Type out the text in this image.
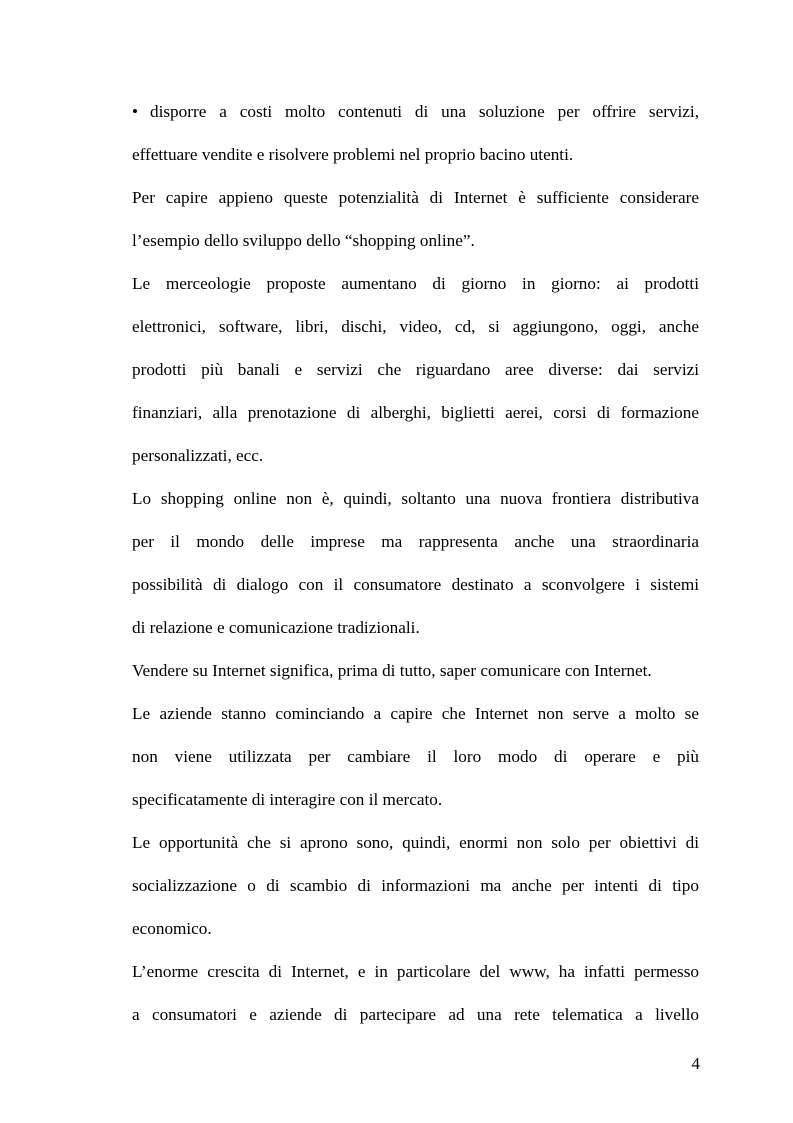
• disporre a costi molto contenuti di una soluzione per offrire servizi,
effettuare vendite e risolvere problemi nel proprio bacino utenti.
Per capire appieno queste potenzialità di Internet è sufficiente considerare
l’esempio dello sviluppo dello “shopping online”.
Le merceologie proposte aumentano di giorno in giorno: ai prodotti
elettronici, software, libri, dischi, video, cd, si aggiungono, oggi, anche
prodotti più banali e servizi che riguardano aree diverse: dai servizi
finanziari, alla prenotazione di alberghi, biglietti aerei, corsi di formazione
personalizzati, ecc.
Lo shopping online non è, quindi, soltanto una nuova frontiera distributiva
per il mondo delle imprese ma rappresenta anche una straordinaria
possibilità di dialogo con il consumatore destinato a sconvolgere i sistemi
di relazione e comunicazione tradizionali.
Vendere su Internet significa, prima di tutto, saper comunicare con Internet.
Le aziende stanno cominciando a capire che Internet non serve a molto se
non viene utilizzata per cambiare il loro modo di operare e più
specificatamente di interagire con il mercato.
Le opportunità che si aprono sono, quindi, enormi non solo per obiettivi di
socializzazione o di scambio di informazioni ma anche per intenti di tipo
economico.
L’enorme crescita di Internet, e in particolare del www, ha infatti permesso
a consumatori e aziende di partecipare ad una rete telematica a livello
4
